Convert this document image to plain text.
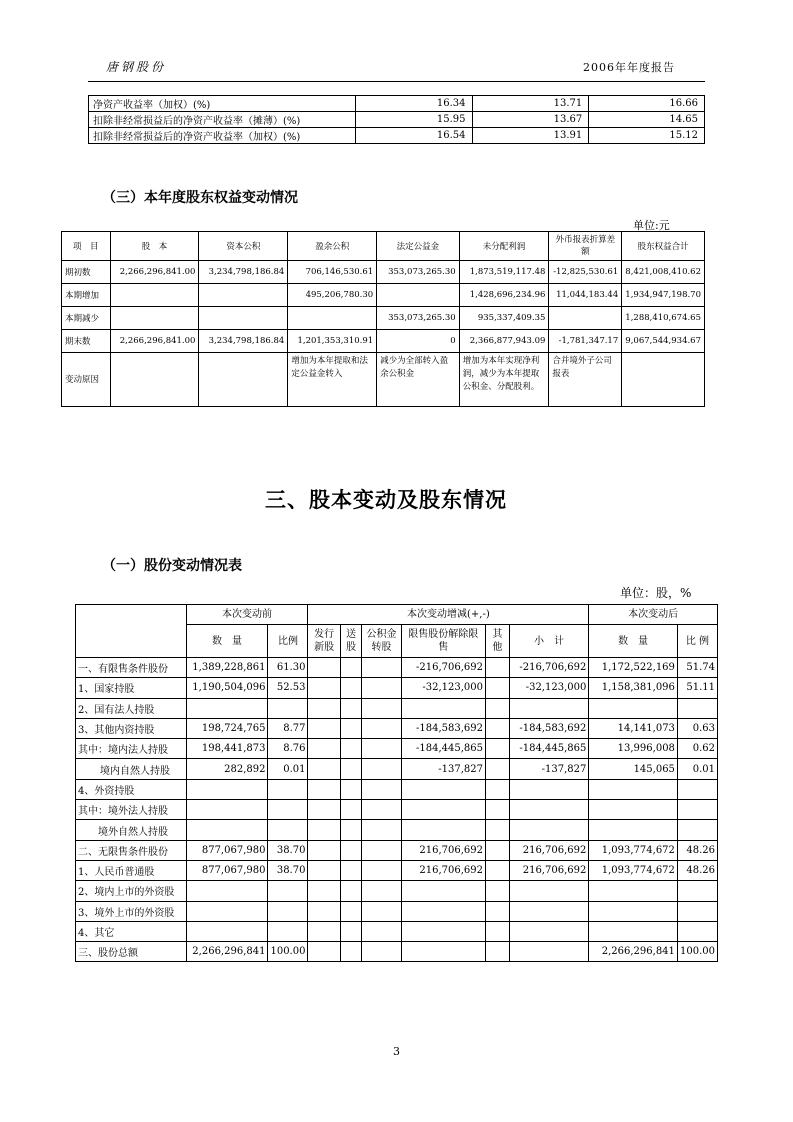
唐钢股份	2006年年度报告
净资产收益率（加权）(%)	16.34	13.71	16.66
扣除非经常损益后的净资产收益率（摊薄）(%)	15.95	13.67	14.65
扣除非经常损益后的净资产收益率（加权）(%)	16.54	13.91	15.12
（三）本年度股东权益变动情况
单位:元
项　目	股　本	资本公积	盈余公积	法定公益金	未分配利润	外币报表折算差额	股东权益合计
期初数	2,266,296,841.00	3,234,798,186.84	706,146,530.61	353,073,265.30	1,873,519,117.48	-12,825,530.61	8,421,008,410.62
本期增加			495,206,780.30		1,428,696,234.96	11,044,183.44	1,934,947,198.70
本期减少				353,073,265.30	935,337,409.35		1,288,410,674.65
期末数	2,266,296,841.00	3,234,798,186.84	1,201,353,310.91	0	2,366,877,943.09	-1,781,347.17	9,067,544,934.67
变动原因			增加为本年提取和法定公益金转入	减少为全部转入盈余公积金	增加为本年实现净利润，减少为本年提取公积金、分配股利。	合并境外子公司报表	
三、股本变动及股东情况
（一）股份变动情况表
单位：股，%
	本次变动前		本次变动增减(+,-)						本次变动后	
	数　量	比例	发行新股	送股	公积金转股	限售股份解除限售	其他	小　计	数　量	比 例
一、有限售条件股份	1,389,228,861	61.30				-216,706,692		-216,706,692	1,172,522,169	51.74
1、国家持股	1,190,504,096	52.53				-32,123,000		-32,123,000	1,158,381,096	51.11
2、国有法人持股										
3、其他内资持股	198,724,765	8.77				-184,583,692		-184,583,692	14,141,073	0.63
其中：境内法人持股	198,441,873	8.76				-184,445,865		-184,445,865	13,996,008	0.62
境内自然人持股	282,892	0.01				-137,827		-137,827	145,065	0.01
4、外资持股										
其中：境外法人持股										
境外自然人持股										
二、无限售条件股份	877,067,980	38.70				216,706,692		216,706,692	1,093,774,672	48.26
1、人民币普通股	877,067,980	38.70				216,706,692		216,706,692	1,093,774,672	48.26
2、境内上市的外资股										
3、境外上市的外资股										
4、其它										
三、股份总额	2,266,296,841	100.00							2,266,296,841	100.00
3
